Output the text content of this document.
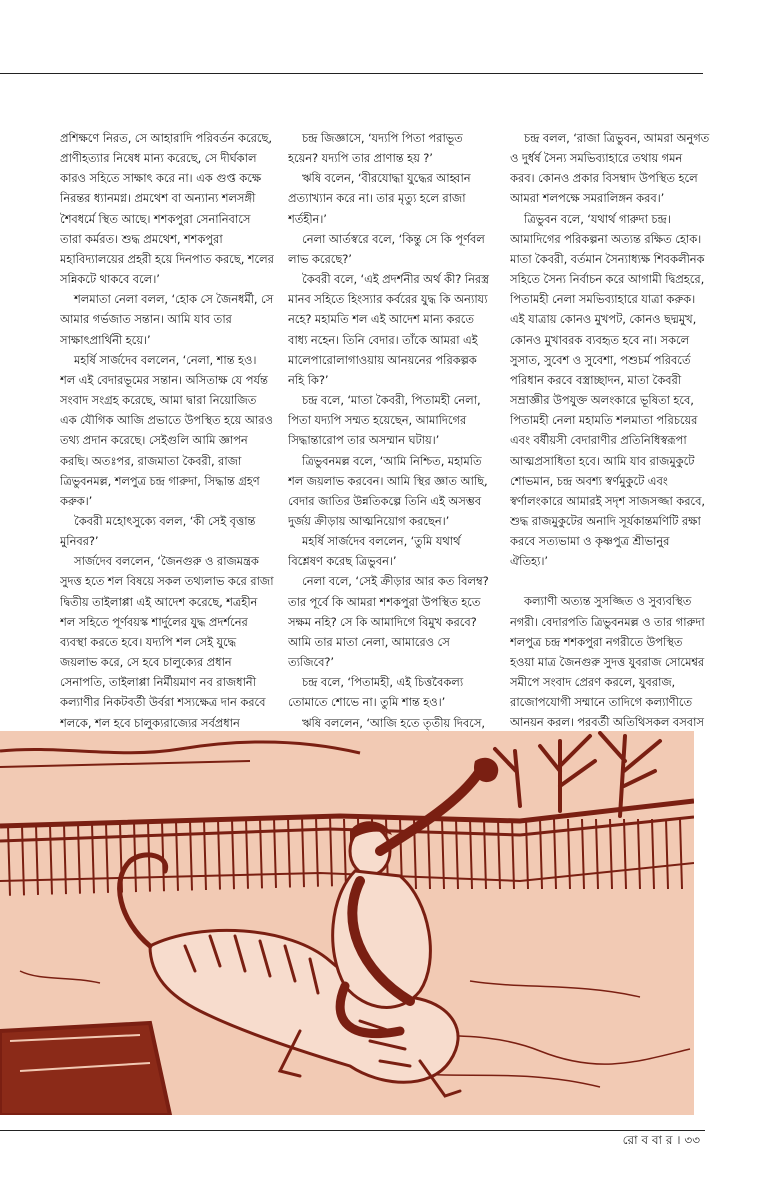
প্রশিক্ষণে নিরত, সে আহারাদি পরিবর্তন করেছে, প্রাণীহত্যার নিষেধ মান্য করেছে, সে দীর্ঘকাল কারও সহিতে সাক্ষাৎ করে না। এক গুপ্ত কক্ষে নিরন্তর ধ্যানমগ্ন। প্রমথেশ বা অন্যান্য শলসঙ্গী শৈবধর্মে স্থিত আছে। শশকপুরা সেনানিবাসে তারা কর্মরত। শুদ্ধ প্রমথেশ, শশকপুরা মহাবিদ্যালয়ের প্রহরী হয়ে দিনপাত করছে, শলের সন্নিকটে থাকবে বলে।’

শলমাতা নেলা বলল, ‘হোক সে জৈনধর্মী, সে আমার গর্ভজাত সন্তান। আমি যাব তার সাক্ষাৎপ্রার্থিনী হয়ে।’

মহর্ষি সার্জদেব বললেন, ‘নেলা, শান্ত হও। শল এই বেদারভূমের সন্তান। অসিতাক্ষ যে পর্যন্ত সংবাদ সংগ্রহ করেছে, আমা দ্বারা নিয়োজিত এক যৌগিক আজি প্রভাতে উপস্থিত হয়ে আরও তথ্য প্রদান করেছে। সেইগুলি আমি জ্ঞাপন করছি। অতঃপর, রাজমাতা কৈবরী, রাজা ত্রিভুবনমল্ল, শলপুত্র চন্দ্র গারুদা, সিদ্ধান্ত গ্রহণ করুক।’

কৈবরী মহোৎসুক্যে বলল, ‘কী সেই বৃত্তান্ত মুনিবর?’

সার্জদেব বললেন, ‘জৈনগুরু ও রাজমন্ত্রক সুদত্ত হতে শল বিষয়ে সকল তথ্যলাভ করে রাজা দ্বিতীয় তাইলাপ্পা এই আদেশ করেছে, শত্রহীন শল সহিতে পূর্ণবয়স্ক শার্দুলের যুদ্ধ প্রদর্শনের ব্যবস্থা করতে হবে। যদ্যপি শল সেই যুদ্ধে জয়লাভ করে, সে হবে চালুক্যের প্রধান সেনাপতি, তাইলাপ্পা নির্মীয়মাণ নব রাজধানী কল্যাণীর নিকটবর্তী উর্বরা শস্যক্ষেত্র দান করবে শলকে, শল হবে চালুক্যরাজ্যের সর্বপ্রধান

চন্দ্র জিজ্ঞাসে, ‘যদ্যপি পিতা পরাভূত হয়েন? যদ্যপি তার প্রাণান্ত হয় ?’

ঋষি বলেন, ‘বীরযোদ্ধা যুদ্ধের আহ্বান প্রত্যাখ্যান করে না। তার মৃত্যু হলে রাজা শর্তহীন।’

নেলা আর্তস্বরে বলে, ‘কিন্তু সে কি পূর্ণবল লাভ করেছে?’

কৈবরী বলে, ‘এই প্রদর্শনীর অর্থ কী? নিরস্ত্র মানব সহিতে হিংস্যার কর্বরের যুদ্ধ কি অন্যায্য নহে? মহামতি শল এই আদেশ মান্য করতে বাধ্য নহেন। তিনি বেদার। তাঁকে আমরা এই মালেপারোলাগাওয়ায় আনয়নের পরিকল্পক নহি কি?’

চন্দ্র বলে, ‘মাতা কৈবরী, পিতামহী নেলা, পিতা যদ্যপি সম্মত হয়েছেন, আমাদিগের সিদ্ধান্তারোপ তার অসম্মান ঘটায়।’

ত্রিভুবনমল্ল বলে, ‘আমি নিশ্চিত, মহামতি শল জয়লাভ করবেন। আমি স্থির জ্ঞাত আছি, বেদার জাতির উন্নতিকল্পে তিনি এই অসম্ভব দুর্জয় ক্রীড়ায় আত্মনিয়োগ করছেন।’

মহর্ষি সার্জদেব বললেন, ‘তুমি যথার্থ বিশ্লেষণ করেছ ত্রিভুবন।’

নেলা বলে, ‘সেই ক্রীড়ার আর কত বিলম্ব? তার পূর্বে কি আমরা শশকপুরা উপস্থিত হতে সক্ষম নহি? সে কি আমাদিগে বিমুখ করবে? আমি তার মাতা নেলা, আমারেও সে ত্যজিবে?’

চন্দ্র বলে, ‘পিতামহী, এই চিত্তবৈকল্য তোমাতে শোভে না। তুমি শান্ত হও।’

ঋষি বললেন, ‘আজি হতে তৃতীয় দিবসে,

চন্দ্র বলল, ‘রাজা ত্রিভুবন, আমরা অনুগত ও দুর্ধর্ষ সৈন্য সমভিব্যাহারে তথায় গমন করব। কোনও প্রকার বিসম্বাদ উপস্থিত হলে আমরা শলপক্ষে সমরালিঙ্গন করব।’

ত্রিভুবন বলে, ‘যথার্থ গারুদা চন্দ্র। আমাদিগের পরিকল্পনা অত্যন্ত রক্ষিত হোক। মাতা কৈবরী, বর্তমান সৈন্যাধ্যক্ষ শিবকলীনক সহিতে সৈন্য নির্বাচন করে আগামী দ্বিপ্রহরে, পিতামহী নেলা সমভিব্যাহারে যাত্রা করুক। এই যাত্রায় কোনও মুখপট, কোনও ছদ্মমুখ, কোনও মুখাবরক ব্যবহৃত হবে না। সকলে সুসাত, সুবেশ ও সুবেশা, পশুচর্ম পরিবর্তে পরিধান করবে বস্ত্রাচ্ছাদন, মাতা কৈবরী সম্রাজ্ঞীর উপযুক্ত অলংকারে ভূষিতা হবে, পিতামহী নেলা মহামতি শলমাতা পরিচয়ের এবং বর্ষীয়সী বেদারাণীর প্রতিনিধিস্বরূপা আত্মপ্রসাধিতা হবে। আমি যাব রাজমুকুটে শোভমান, চন্দ্র অবশ্য স্বর্ণমুকুটে এবং স্বর্ণালংকারে আমারই সদৃশ সাজসজ্জা করবে, শুদ্ধ রাজমুকুটের অনাদি সূর্যকান্তমণিটি রক্ষা করবে সত্যভামা ও কৃষ্ণপুত্র শ্রীভানুর ঐতিহ্য।’

কল্যাণী অত্যন্ত সুসজ্জিত ও সুব্যবস্থিত নগরী। বেদারপতি ত্রিভুবনমল্ল ও তার গারুদা শলপুত্র চন্দ্র শশকপুরা নগরীতে উপস্থিত হওয়া মাত্র জৈনগুরু সুদত্ত যুবরাজ সোমেশ্বর সমীপে সংবাদ প্রেরণ করলে, যুবরাজ, রাজোপযোগী সম্মানে তাদিগে কল্যাণীতে আনয়ন করল। পরবর্তী অতিথিসকল বসবাস

রো ব বা র । ৩৩
